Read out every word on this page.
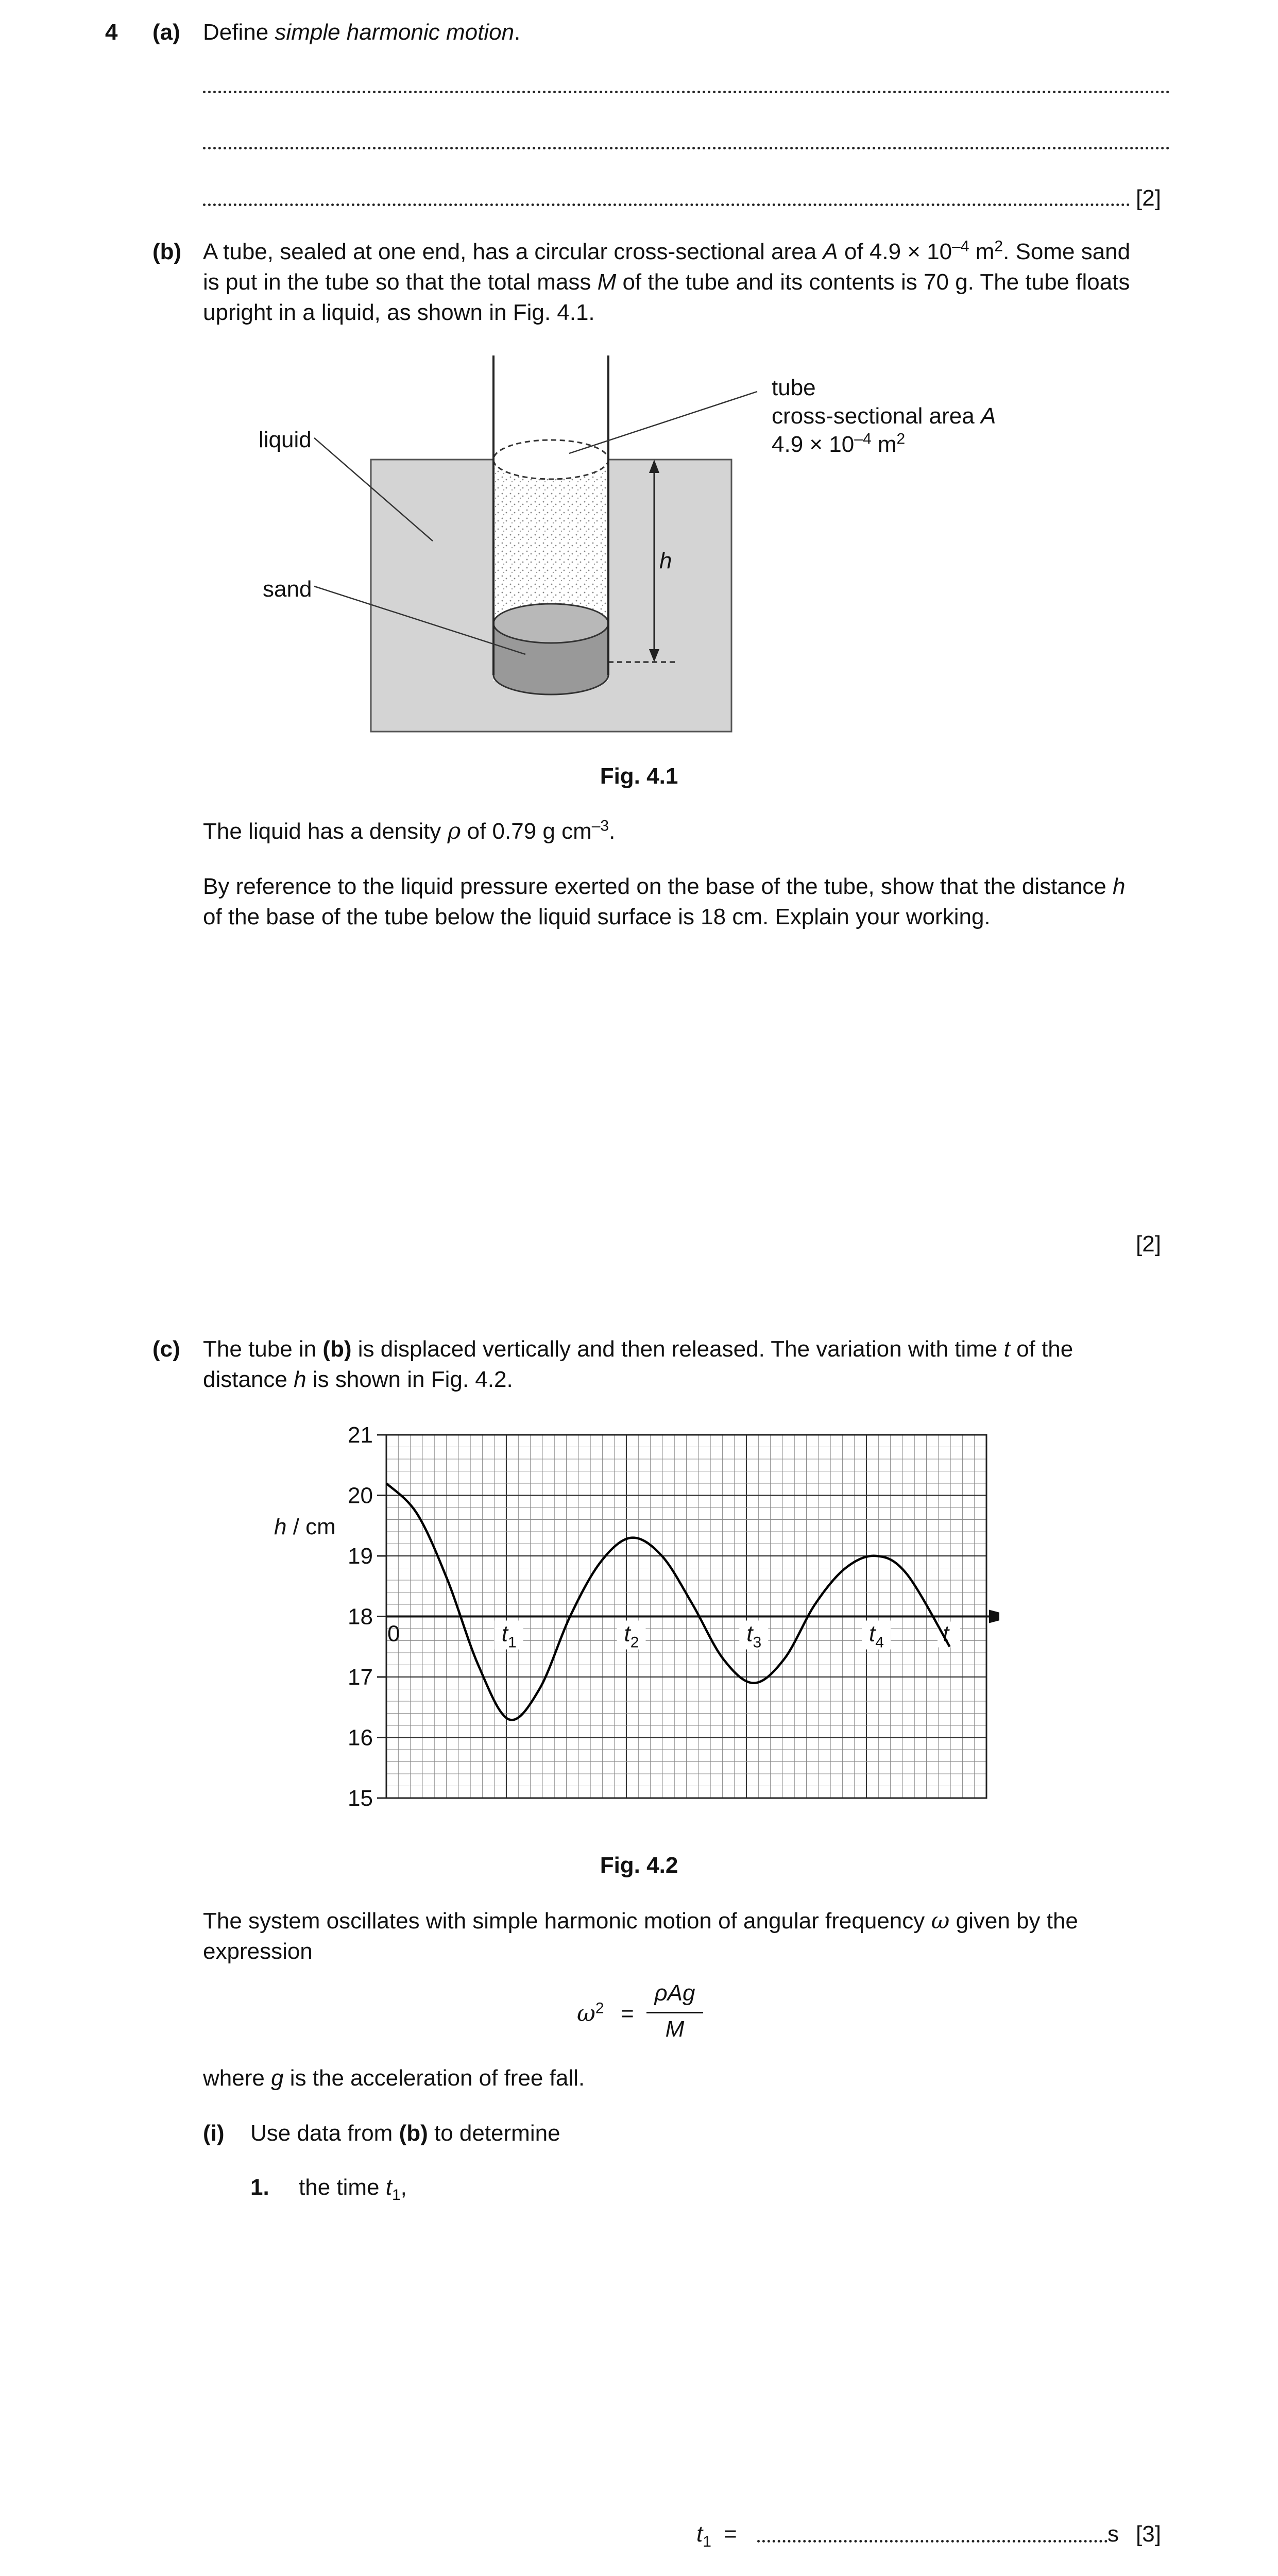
4 (a) Define simple harmonic motion.
[2]
(b) A tube, sealed at one end, has a circular cross-sectional area A of $4.9 \times 10^{-4}$ $m^2$. Some sand
is put in the tube so that the total mass M of the tube and its contents is 70 g. The tube floats
upright in a liquid, as shown in Fig. 4.1.
liquid
sand
h
tube
cross-sectional area A
$4.9 \times 10^{-4}$ $m^2$
Fig. 4.1
The liquid has a density ρ of 0.79 g $cm^{-3}$.
By reference to the liquid pressure exerted on the base of the tube, show that the distance h
of the base of the tube below the liquid surface is 18 cm. Explain your working.
[2]
(c) The tube in (b) is displaced vertically and then released. The variation with time t of the
distance h is shown in Fig. 4.2.
h / cm
15
16
17
18
19
20
21
0	$t_1$	$t_2$	$t_3$	$t_4$	t
Fig. 4.2
The system oscillates with simple harmonic motion of angular frequency ω given by the
expression
$\omega^2$ =
ρAg
M
where g is the acceleration of free fall.
(i) Use data from (b) to determine
1. the time $t_1$,
$t_1$ =	s [3]
